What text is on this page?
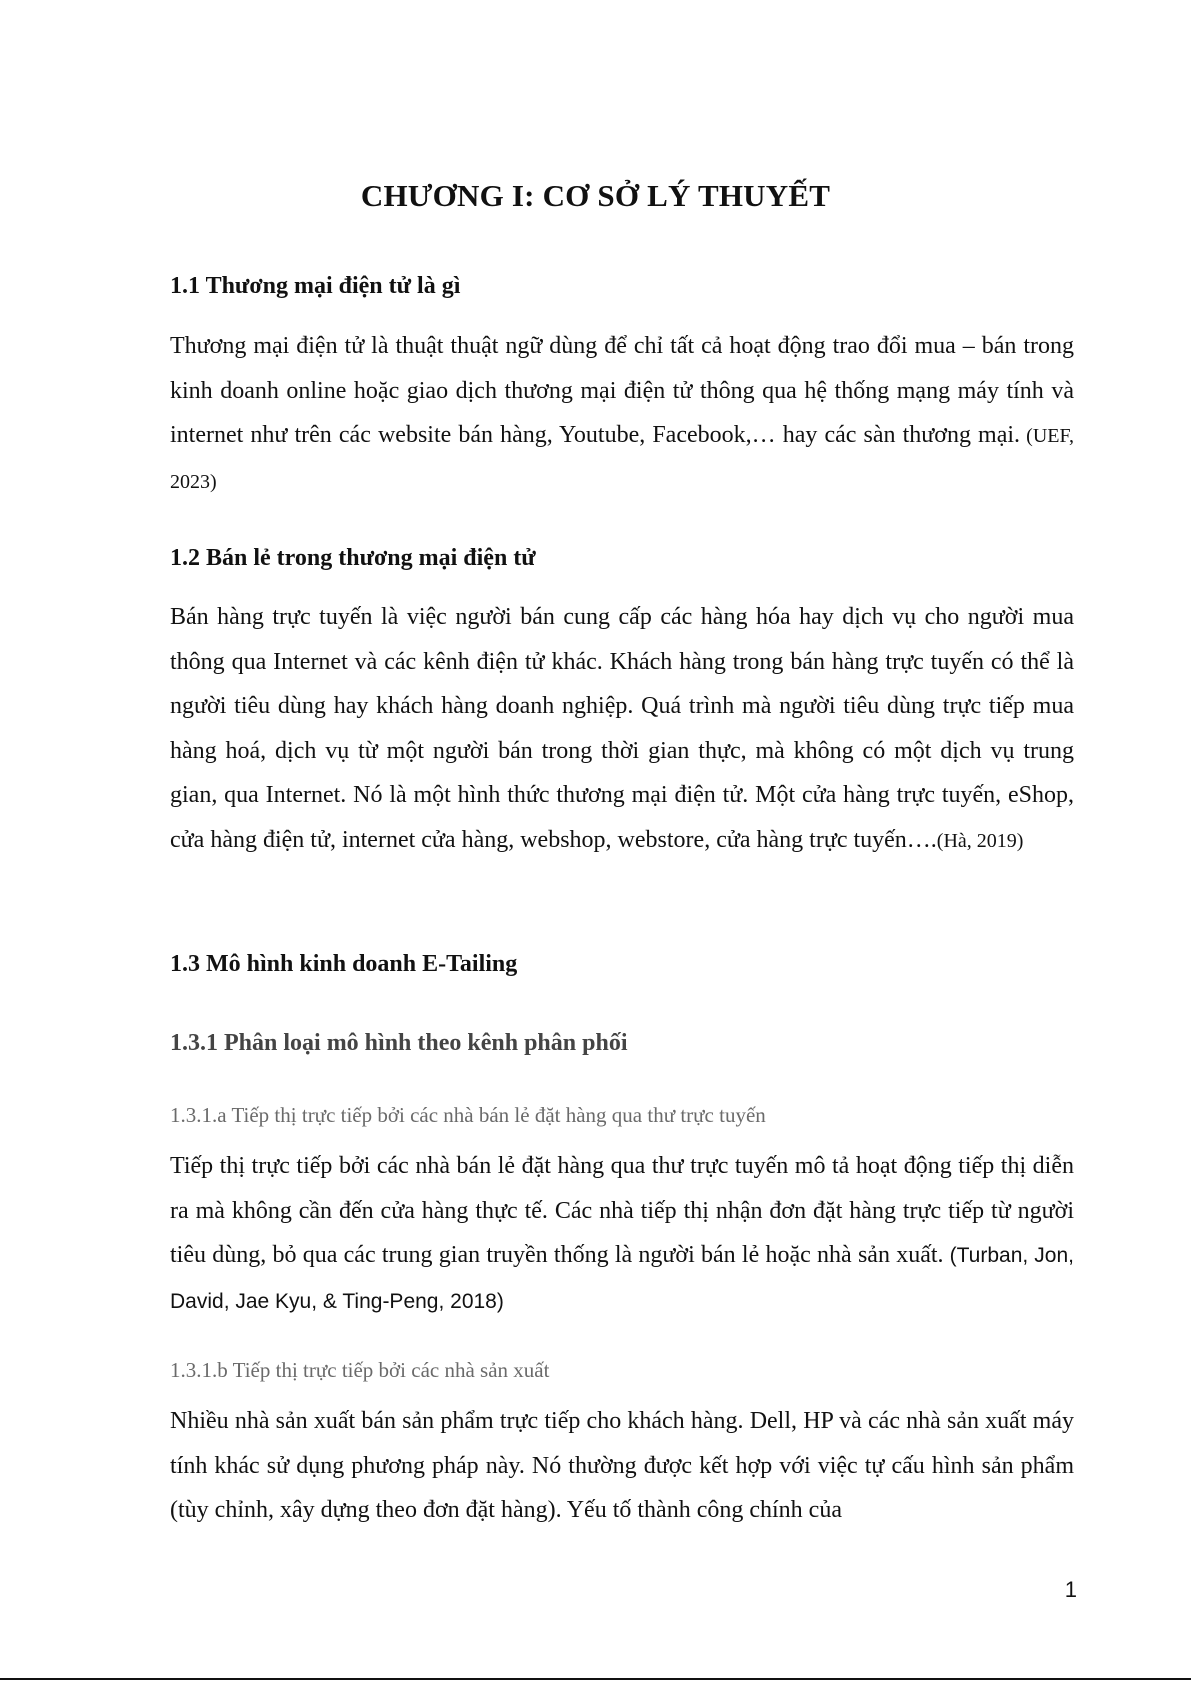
CHƯƠNG I: CƠ SỞ LÝ THUYẾT
1.1 Thương mại điện tử là gì

Thương mại điện tử là thuật thuật ngữ dùng để chỉ tất cả hoạt động trao đổi mua – bán trong kinh doanh online hoặc giao dịch thương mại điện tử thông qua hệ thống mạng máy tính và internet như trên các website bán hàng, Youtube, Facebook,… hay các sàn thương mại. (UEF, 2023)

1.2 Bán lẻ trong thương mại điện tử

Bán hàng trực tuyến là việc người bán cung cấp các hàng hóa hay dịch vụ cho người mua thông qua Internet và các kênh điện tử khác. Khách hàng trong bán hàng trực tuyến có thể là người tiêu dùng hay khách hàng doanh nghiệp. Quá trình mà người tiêu dùng trực tiếp mua hàng hoá, dịch vụ từ một người bán trong thời gian thực, mà không có một dịch vụ trung gian, qua Internet. Nó là một hình thức thương mại điện tử. Một cửa hàng trực tuyến, eShop, cửa hàng điện tử, internet cửa hàng, webshop, webstore, cửa hàng trực tuyến….(Hà, 2019)

1.3 Mô hình kinh doanh E-Tailing
1.3.1 Phân loại mô hình theo kênh phân phối
1.3.1.a Tiếp thị trực tiếp bởi các nhà bán lẻ đặt hàng qua thư trực tuyến

Tiếp thị trực tiếp bởi các nhà bán lẻ đặt hàng qua thư trực tuyến mô tả hoạt động tiếp thị diễn ra mà không cần đến cửa hàng thực tế. Các nhà tiếp thị nhận đơn đặt hàng trực tiếp từ người tiêu dùng, bỏ qua các trung gian truyền thống là người bán lẻ hoặc nhà sản xuất. (Turban, Jon, David, Jae Kyu, & Ting-Peng, 2018)

1.3.1.b Tiếp thị trực tiếp bởi các nhà sản xuất

Nhiều nhà sản xuất bán sản phẩm trực tiếp cho khách hàng. Dell, HP và các nhà sản xuất máy tính khác sử dụng phương pháp này. Nó thường được kết hợp với việc tự cấu hình sản phẩm (tùy chỉnh, xây dựng theo đơn đặt hàng). Yếu tố thành công chính của

1
